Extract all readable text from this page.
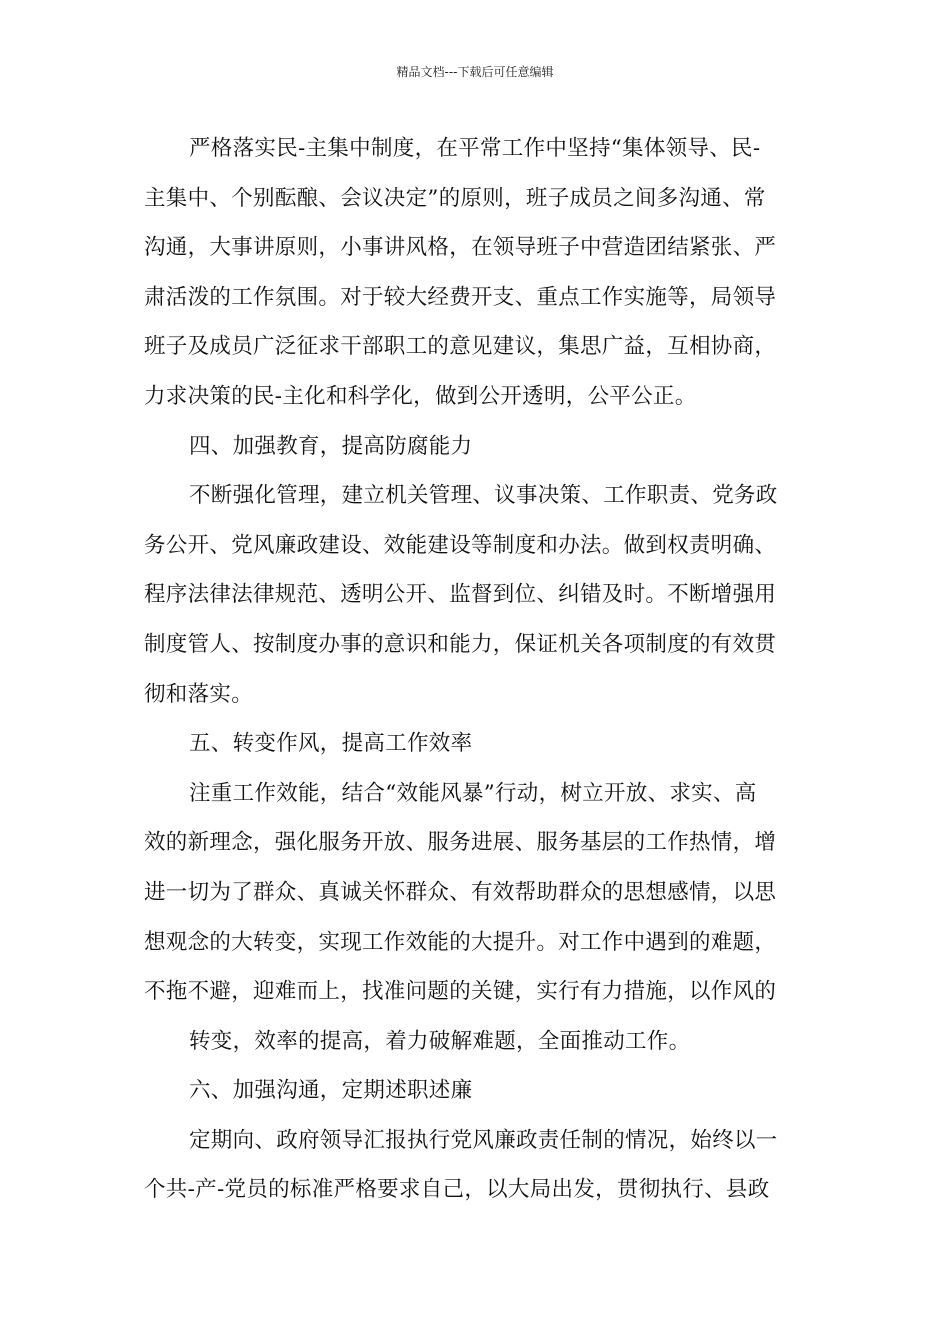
精品文档---下载后可任意编辑
严格落实民-主集中制度，在平常工作中坚持“集体领导、民-
主集中、个别酝酿、会议决定”的原则，班子成员之间多沟通、常
沟通，大事讲原则，小事讲风格，在领导班子中营造团结紧张、严
肃活泼的工作氛围。对于较大经费开支、重点工作实施等，局领导
班子及成员广泛征求干部职工的意见建议，集思广益，互相协商，
力求决策的民-主化和科学化，做到公开透明，公平公正。
四、加强教育，提高防腐能力
不断强化管理，建立机关管理、议事决策、工作职责、党务政
务公开、党风廉政建设、效能建设等制度和办法。做到权责明确、
程序法律法律规范、透明公开、监督到位、纠错及时。不断增强用
制度管人、按制度办事的意识和能力，保证机关各项制度的有效贯
彻和落实。
五、转变作风，提高工作效率
注重工作效能，结合“效能风暴”行动，树立开放、求实、高
效的新理念，强化服务开放、服务进展、服务基层的工作热情，增
进一切为了群众、真诚关怀群众、有效帮助群众的思想感情，以思
想观念的大转变，实现工作效能的大提升。对工作中遇到的难题，
不拖不避，迎难而上，找准问题的关键，实行有力措施，以作风的
转变，效率的提高，着力破解难题，全面推动工作。
六、加强沟通，定期述职述廉
定期向、政府领导汇报执行党风廉政责任制的情况，始终以一
个共-产-党员的标准严格要求自己，以大局出发，贯彻执行、县政
